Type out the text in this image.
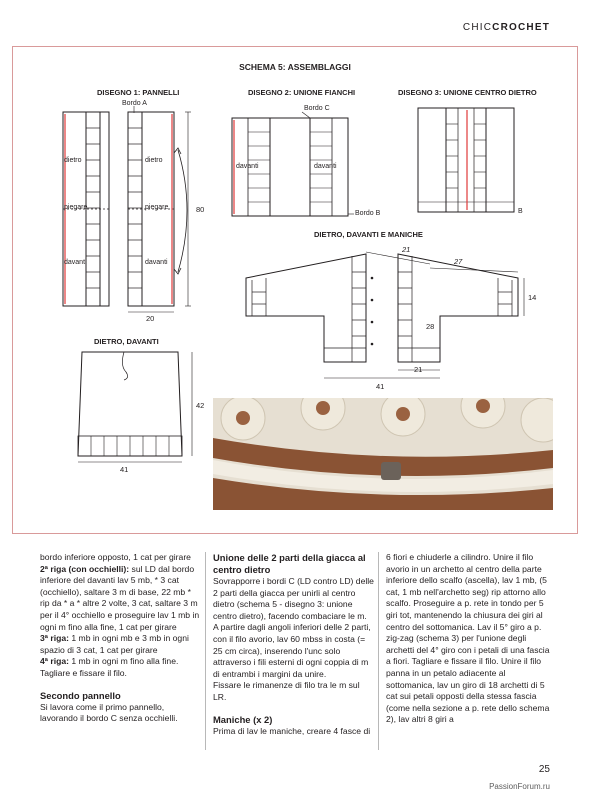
CHICCROCHET
SCHEMA 5: ASSEMBLAGGI
DISEGNO 1: PANNELLI
Bordo A
dietro
piegare
davanti
dietro
piegare
davanti
80
20
DISEGNO 2: UNIONE FIANCHI
Bordo C
davanti	davanti
Bordo B
DISEGNO 3: UNIONE CENTRO DIETRO
B
DIETRO, DAVANTI E MANICHE
21
27
14
28
21
41
DIETRO, DAVANTI
42
41

bordo inferiore opposto, 1 cat per girare

2ª riga (con occhielli): sul LD dal bordo inferiore del davanti lav 5 mb, * 3 cat (occhiello), saltare 3 m di base, 22 mb * rip da * a * altre 2 volte, 3 cat, saltare 3 m per il 4° occhiello e proseguire lav 1 mb in ogni m fino alla fine, 1 cat per girare

3ª riga: 1 mb in ogni mb e 3 mb in ogni spazio di 3 cat, 1 cat per girare

4ª riga: 1 mb in ogni m fino alla fine. Tagliare e fissare il filo.

Secondo pannello

Si lavora come il primo pannello, lavorando il bordo C senza occhielli.

Unione delle 2 parti della giacca al centro dietro

Sovrapporre i bordi C (LD contro LD) delle 2 parti della giacca per unirli al centro dietro (schema 5 - disegno 3: unione centro dietro), facendo combaciare le m.

A partire dagli angoli inferiori delle 2 parti, con il filo avorio, lav 60 mbss in costa (= 25 cm circa), inserendo l'unc solo attraverso i fili esterni di ogni coppia di m di entrambi i margini da unire.

Fissare le rimanenze di filo tra le m sul LR.

Maniche (x 2)

Prima di lav le maniche, creare 4 fasce di

6 fiori e chiuderle a cilindro. Unire il filo avorio in un archetto al centro della parte inferiore dello scalfo (ascella), lav 1 mb, (5 cat, 1 mb nell'archetto seg) rip attorno allo scalfo. Proseguire a p. rete in tondo per 5 giri tot, mantenendo la chiusura dei giri al centro del sottomanica. Lav il 5° giro a p. zig-zag (schema 3) per l'unione degli archetti del 4° giro con i petali di una fascia a fiori. Tagliare e fissare il filo. Unire il filo panna in un petalo adiacente al sottomanica, lav un giro di 18 archetti di 5 cat sui petali opposti della stessa fascia (come nella sezione a p. rete dello schema 2), lav altri 8 giri a

25
PassionForum.ru
